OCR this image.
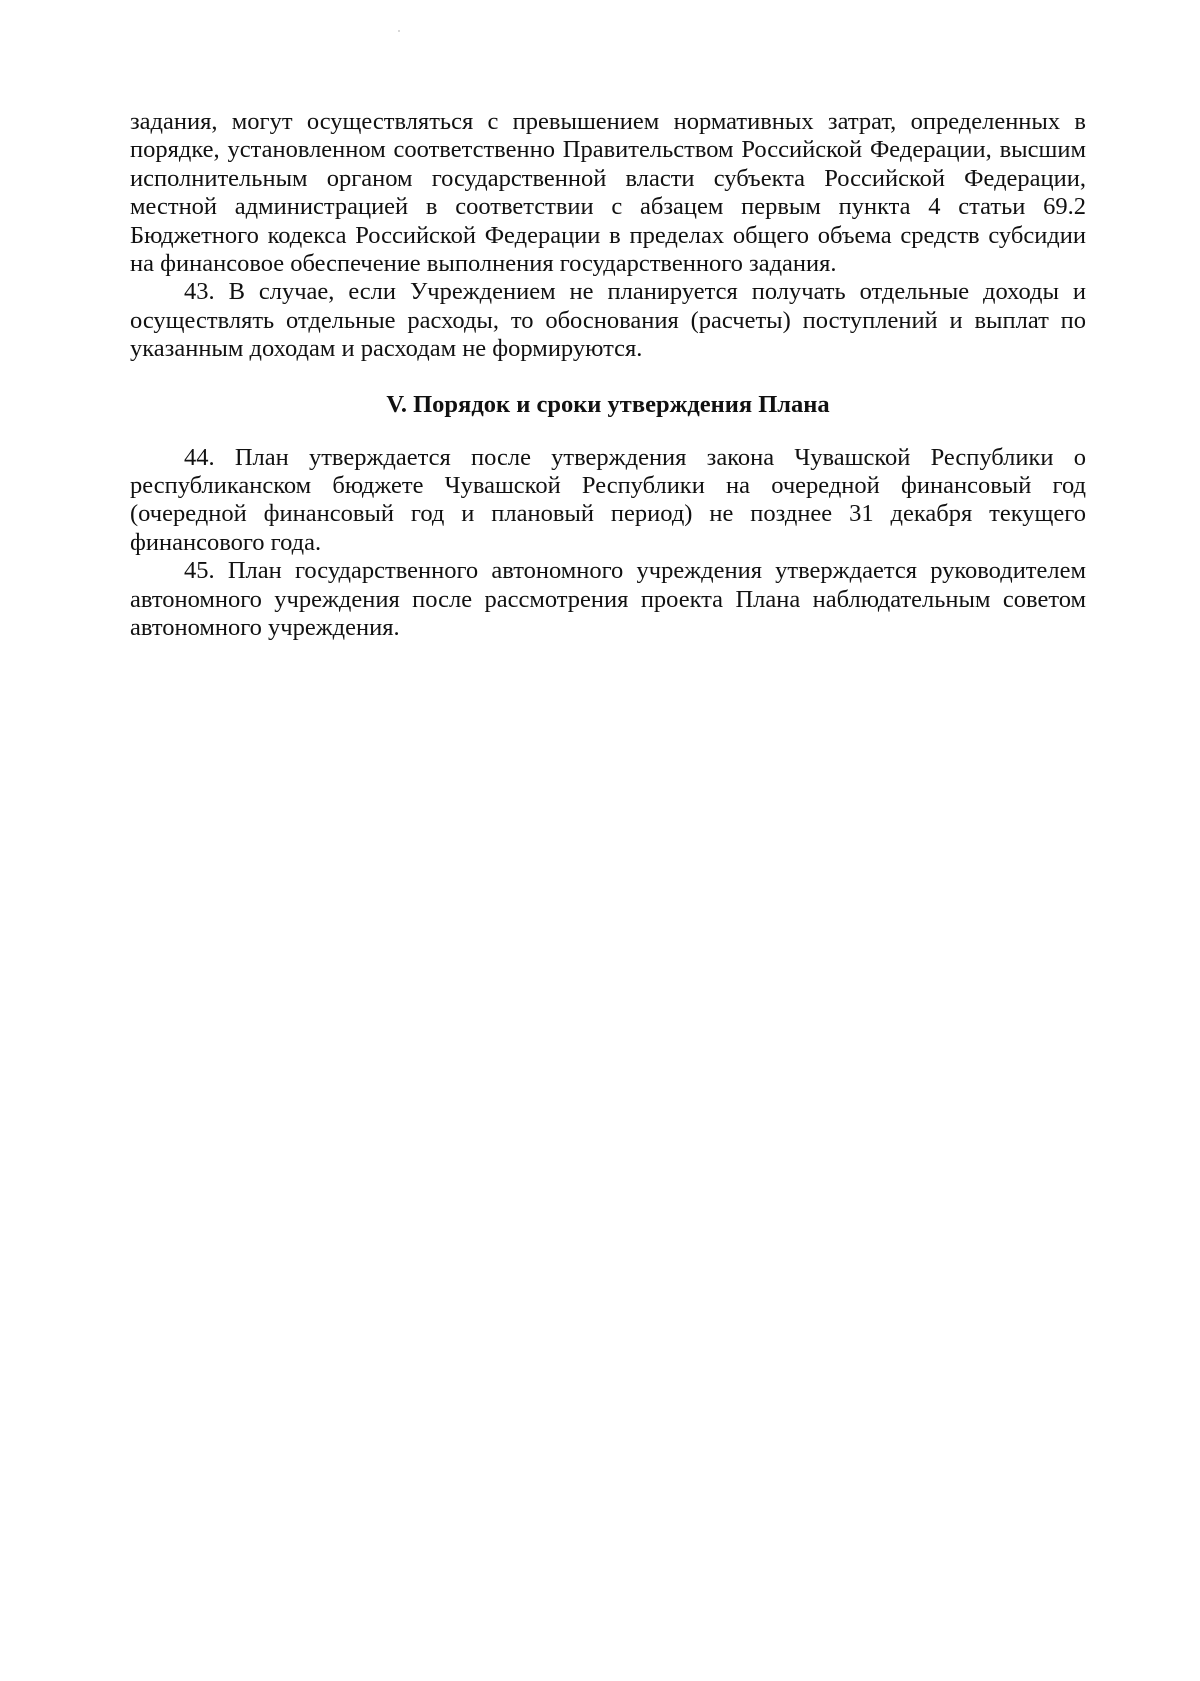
задания, могут осуществляться с превышением нормативных затрат, определенных в порядке, установленном соответственно Правительством Российской Федерации, высшим исполнительным органом государственной власти субъекта Российской Федерации, местной администрацией в соответствии с абзацем первым пункта 4 статьи 69.2 Бюджетного кодекса Российской Федерации в пределах общего объема средств субсидии на финансовое обеспечение выполнения государственного задания.

43. В случае, если Учреждением не планируется получать отдельные доходы и осуществлять отдельные расходы, то обоснования (расчеты) поступлений и выплат по указанным доходам и расходам не формируются.

V. Порядок и сроки утверждения Плана

44. План утверждается после утверждения закона Чувашской Республики о республиканском бюджете Чувашской Республики на очередной финансовый год (очередной финансовый год и плановый период) не позднее 31 декабря текущего финансового года.

45. План государственного автономного учреждения утверждается руководителем автономного учреждения после рассмотрения проекта Плана наблюдательным советом автономного учреждения.
